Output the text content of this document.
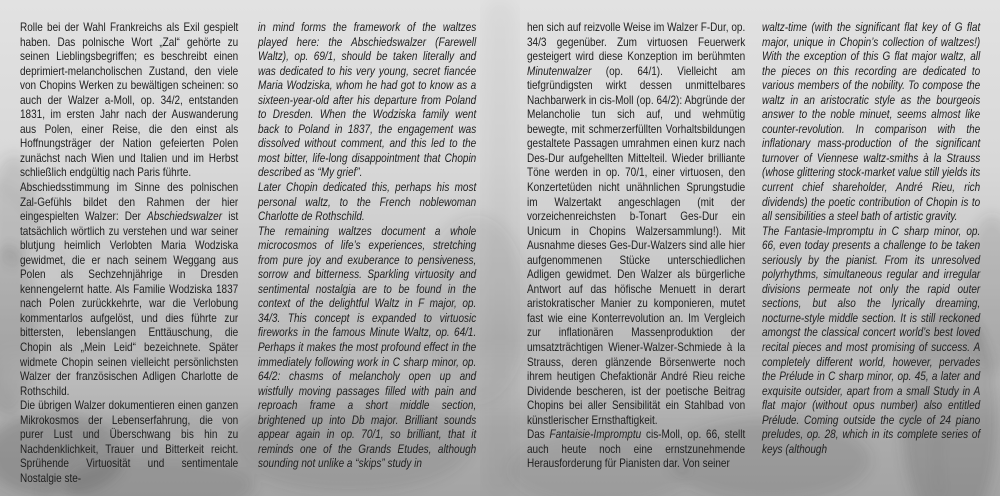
Rolle bei der Wahl Frankreichs als Exil gespielt haben. Das polnische Wort „Zal“ gehörte zu seinen Lieblingsbegriffen; es beschreibt einen deprimiert-melancholischen Zustand, den viele von Chopins Werken zu bewältigen scheinen: so auch der Walzer a-Moll, op. 34/2, entstanden 1831, im ersten Jahr nach der Auswanderung aus Polen, einer Reise, die den einst als Hoffnungsträger der Nation gefeierten Polen zunächst nach Wien und Italien und im Herbst schließlich endgültig nach Paris führte.

Abschiedsstimmung im Sinne des polnischen Zal-Gefühls bildet den Rahmen der hier eingespielten Walzer: Der Abschiedswalzer ist tatsächlich wörtlich zu verstehen und war seiner blutjung heimlich Verlobten Maria Wodziska gewidmet, die er nach seinem Weggang aus Polen als Sechzehnjährige in Dresden kennengelernt hatte. Als Familie Wodziska 1837 nach Polen zurückkehrte, war die Verlobung kommentarlos aufgelöst, und dies führte zur bittersten, lebenslangen Enttäuschung, die Chopin als „Mein Leid“ bezeichnete. Später widmete Chopin seinen vielleicht persönlichsten Walzer der französischen Adligen Charlotte de Rothschild.

Die übrigen Walzer dokumentieren einen ganzen Mikrokosmos der Lebenserfahrung, die von purer Lust und Überschwang bis hin zu Nachdenklichkeit, Trauer und Bitterkeit reicht. Sprühende Virtuosität und sentimentale Nostalgie ste-

in mind forms the framework of the waltzes played here: the Abschiedswalzer (Farewell Waltz), op. 69/1, should be taken literally and was dedicated to his very young, secret fiancée Maria Wodziska, whom he had got to know as a sixteen-year-old after his departure from Poland to Dresden. When the Wodziska family went back to Poland in 1837, the engagement was dissolved without comment, and this led to the most bitter, life-long disappointment that Chopin described as “My grief”.

Later Chopin dedicated this, perhaps his most personal waltz, to the French noblewoman Charlotte de Rothschild.

The remaining waltzes document a whole microcosmos of life’s experiences, stretching from pure joy and exuberance to pensiveness, sorrow and bitterness. Sparkling virtuosity and sentimental nostalgia are to be found in the context of the delightful Waltz in F major, op. 34/3. This concept is expanded to virtuosic fireworks in the famous Minute Waltz, op. 64/1. Perhaps it makes the most profound effect in the immediately following work in C sharp minor, op. 64/2: chasms of melancholy open up and wistfully moving passages filled with pain and reproach frame a short middle section, brightened up into Db major. Brilliant sounds appear again in op. 70/1, so brilliant, that it reminds one of the Grands Etudes, although sounding not unlike a “skips” study in

hen sich auf reizvolle Weise im Walzer F-Dur, op. 34/3 gegenüber. Zum virtuosen Feuerwerk gesteigert wird diese Konzeption im berühmten Minutenwalzer (op. 64/1). Vielleicht am tiefgründigsten wirkt dessen unmittelbares Nachbarwerk in cis-Moll (op. 64/2): Abgründe der Melancholie tun sich auf, und wehmütig bewegte, mit schmerzerfüllten Vorhaltsbildungen gestaltete Passagen umrahmen einen kurz nach Des-Dur aufgehellten Mittelteil. Wieder brilliante Töne werden in op. 70/1, einer virtuosen, den Konzertetüden nicht unähnlichen Sprungstudie im Walzertakt angeschlagen (mit der vorzeichenreichsten b-Tonart Ges-Dur ein Unicum in Chopins Walzersammlung!). Mit Ausnahme dieses Ges-Dur-Walzers sind alle hier aufgenommenen Stücke unterschiedlichen Adligen gewidmet. Den Walzer als bürgerliche Antwort auf das höfische Menuett in derart aristokratischer Manier zu komponieren, mutet fast wie eine Konterrevolution an. Im Vergleich zur inflationären Massenproduktion der umsatzträchtigen Wiener-Walzer-Schmiede à la Strauss, deren glänzende Börsenwerte noch ihrem heutigen Chefaktionär André Rieu reiche Dividende bescheren, ist der poetische Beitrag Chopins bei aller Sensibilität ein Stahlbad von künstlerischer Ernsthaftigkeit.

Das Fantaisie-Impromptu cis-Moll, op. 66, stellt auch heute noch eine ernstzunehmende Herausforderung für Pianisten dar. Von seiner

waltz-time (with the significant flat key of G flat major, unique in Chopin’s collection of waltzes!) With the exception of this G flat major waltz, all the pieces on this recording are dedicated to various members of the nobility. To compose the waltz in an aristocratic style as the bourgeois answer to the noble minuet, seems almost like counter-revolution. In comparison with the inflationary mass-production of the significant turnover of Viennese waltz-smiths à la Strauss (whose glittering stock-market value still yields its current chief shareholder, André Rieu, rich dividends) the poetic contribution of Chopin is to all sensibilities a steel bath of artistic gravity.

The Fantasie-Impromptu in C sharp minor, op. 66, even today presents a challenge to be taken seriously by the pianist. From its unresolved polyrhythms, simultaneous regular and irregular divisions permeate not only the rapid outer sections, but also the lyrically dreaming, nocturne-style middle section. It is still reckoned amongst the classical concert world’s best loved recital pieces and most promising of success. A completely different world, however, pervades the Prélude in C sharp minor, op. 45, a later and exquisite outsider, apart from a small Study in A flat major (without opus number) also entitled Prélude. Coming outside the cycle of 24 piano preludes, op. 28, which in its complete series of keys (although
